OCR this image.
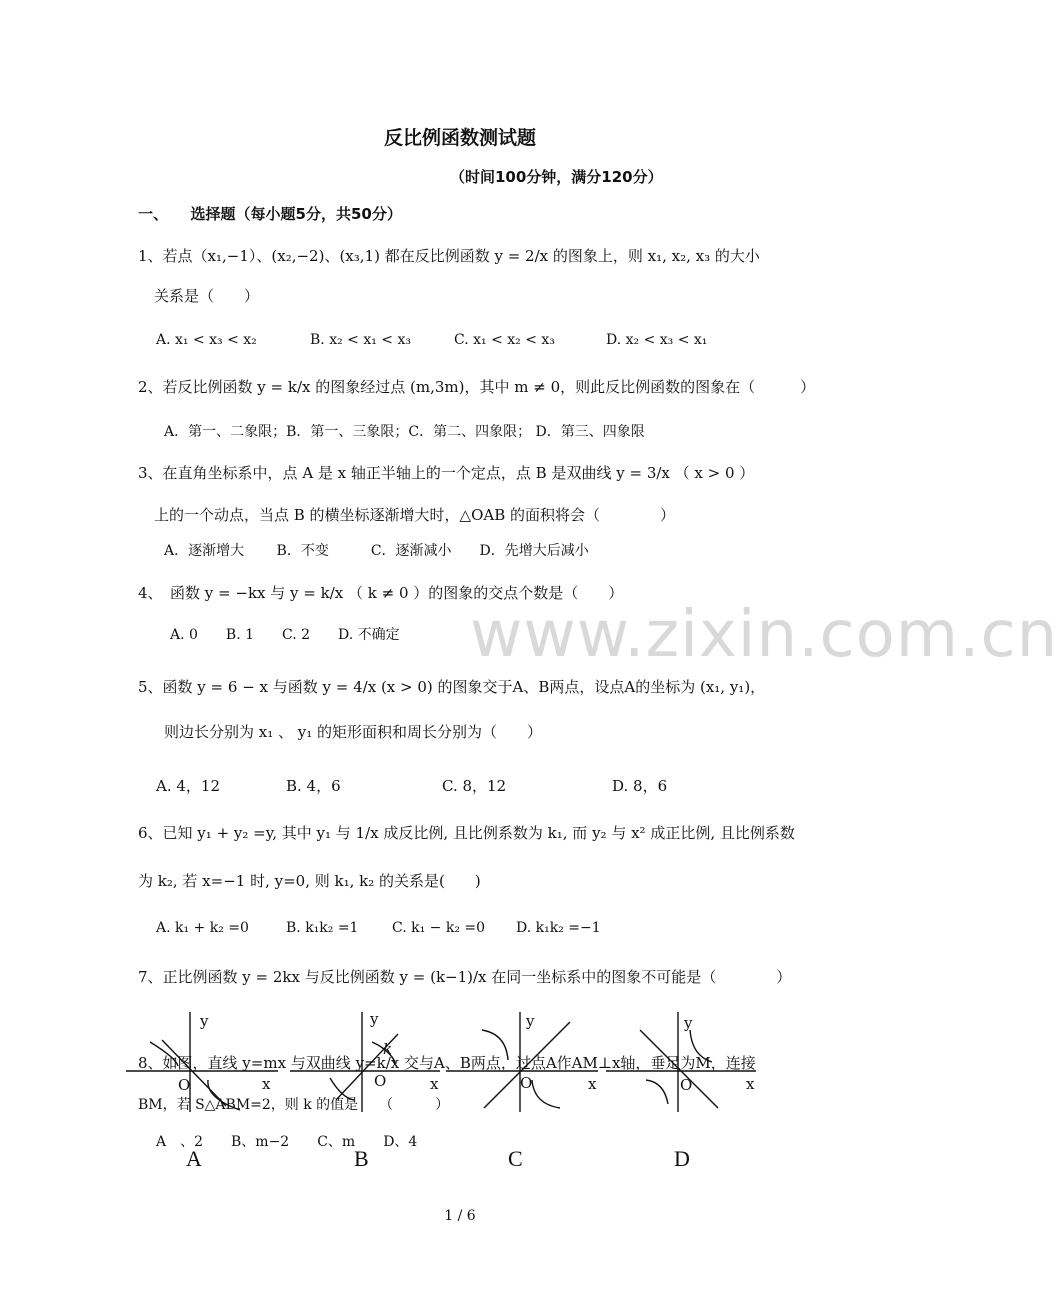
www.zixin.com.cn
反比例函数测试题
（时间100分钟，满分120分）
一、　　选择题（每小题5分，共50分）
1、若点（x₁,−1）、(x₂,−2)、(x₃,1) 都在反比例函数 y = 2/x 的图象上，则 x₁, x₂, x₃ 的大小
关系是（　　）
A. x₁ < x₃ < x₂	B. x₂ < x₁ < x₃	C. x₁ < x₂ < x₃	D. x₂ < x₃ < x₁
2、若反比例函数 y = k/x 的图象经过点 (m,3m)，其中 m ≠ 0，则此反比例函数的图象在（　　　）
A．第一、二象限；B．第一、三象限；C．第二、四象限； D．第三、四象限
3、在直角坐标系中，点 A 是 x 轴正半轴上的一个定点，点 B 是双曲线 y = 3/x （ x > 0 ）
上的一个动点，当点 B 的横坐标逐渐增大时，△OAB 的面积将会（　　　　）
A．逐渐增大　　 B．不变　　　C．逐渐减小　　D．先增大后减小
4、　函数 y = −kx 与 y = k/x （ k ≠ 0 ）的图象的交点个数是（　　）
A. 0　　B. 1　　C. 2　　D. 不确定
5、函数 y = 6 − x 与函数 y = 4/x (x > 0) 的图象交于A、B两点，设点A的坐标为 (x₁, y₁)，
则边长分别为 x₁ 、 y₁ 的矩形面积和周长分别为（　　）
A. 4，12	B. 4，6	C. 8，12	D. 8，6
6、已知 y₁ + y₂ =y, 其中 y₁ 与 1/x 成反比例, 且比例系数为 k₁, 而 y₂ 与 x² 成正比例, 且比例系数
为 k₂, 若 x=−1 时, y=0, 则 k₁, k₂ 的关系是(　　)
A. k₁ + k₂ =0	B. k₁k₂ =1 C. k₁ − k₂ =0 D. k₁k₂ =−1
7、正比例函数 y = 2kx 与反比例函数 y = (k−1)/x 在同一坐标系中的图象不可能是（　　　　）
8、如图，直线 y=mx 与双曲线 y=k/x 交与A、B两点，过点A作AM⊥x轴，垂足为M，连接
BM，若 S△ABM=2，则 k 的值是　　（　　　）
A　、2　　B、m−2　　C、m　　D、4
y
x
O
y
x
O
k
y
x
O
y
x
O
A	B	C	D
1 / 6
